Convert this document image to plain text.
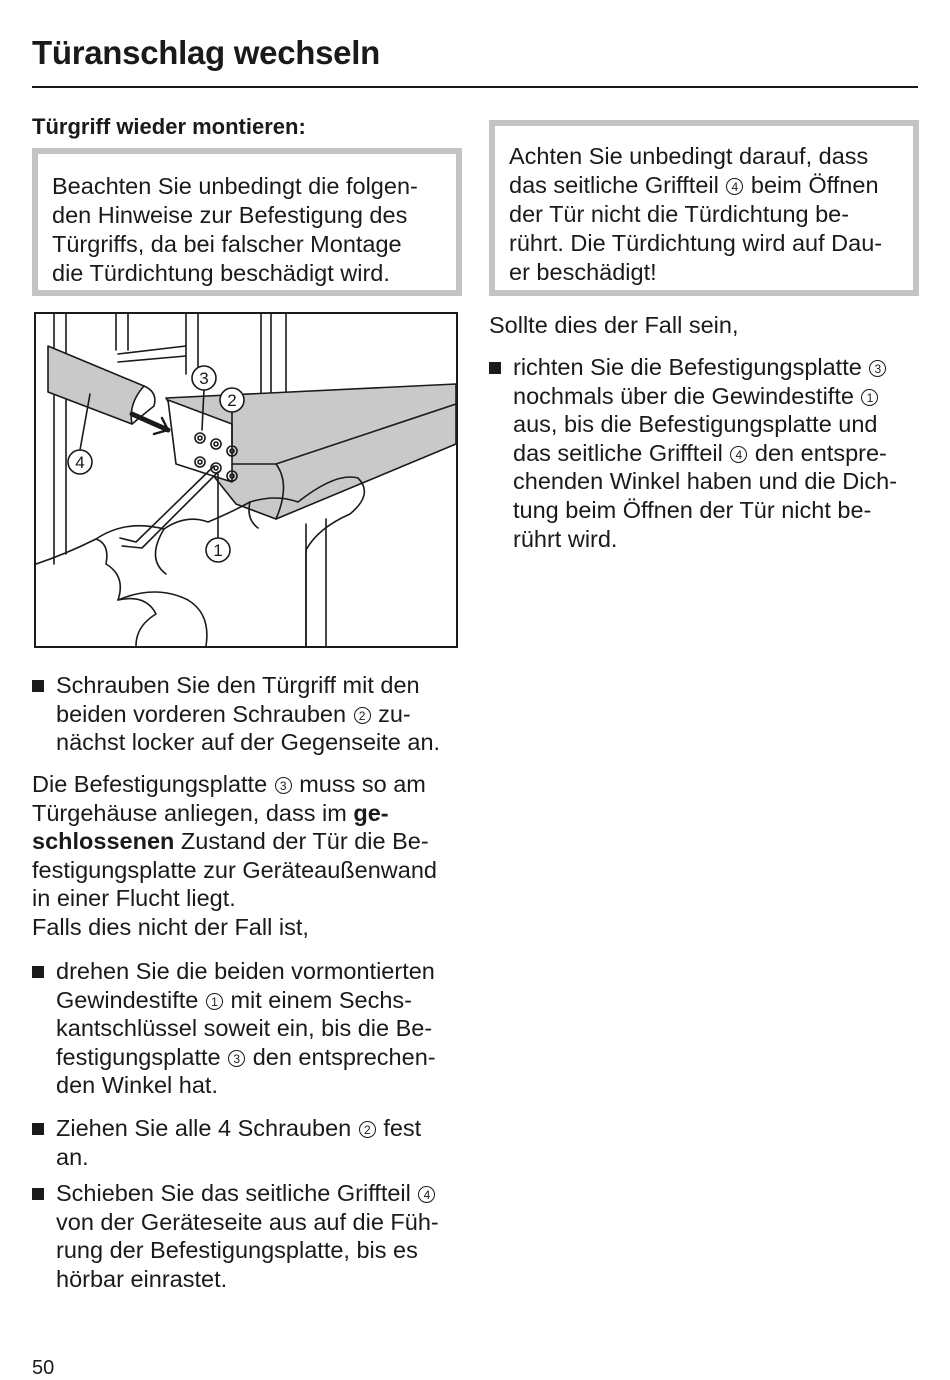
Türanschlag wechseln
Türgriff wieder montieren:

Beachten Sie unbedingt die folgen-

den Hinweise zur Befestigung des

Türgriffs, da bei falscher Montage

die Türdichtung beschädigt wird.

Achten Sie unbedingt darauf, dass

das seitliche Griffteil 4 beim Öffnen

der Tür nicht die Türdichtung be-

rührt. Die Türdichtung wird auf Dau-

er beschädigt!

3
2
4
1

Schrauben Sie den Türgriff mit den

beiden vorderen Schrauben 2 zu-

nächst locker auf der Gegenseite an.

Die Befestigungsplatte 3 muss so am
Türgehäuse anliegen, dass im ge-
schlossenen Zustand der Tür die Be-
festigungsplatte zur Geräteaußenwand
in einer Flucht liegt.
Falls dies nicht der Fall ist,

drehen Sie die beiden vormontierten

Gewindestifte 1 mit einem Sechs-

kantschlüssel soweit ein, bis die Be-

festigungsplatte 3 den entsprechen-

den Winkel hat.

Ziehen Sie alle 4 Schrauben 2 fest

an.

Schieben Sie das seitliche Griffteil 4

von der Geräteseite aus auf die Füh-

rung der Befestigungsplatte, bis es

hörbar einrastet.

Sollte dies der Fall sein,

richten Sie die Befestigungsplatte 3

nochmals über die Gewindestifte 1

aus, bis die Befestigungsplatte und

das seitliche Griffteil 4 den entspre-

chenden Winkel haben und die Dich-

tung beim Öffnen der Tür nicht be-

rührt wird.

50
